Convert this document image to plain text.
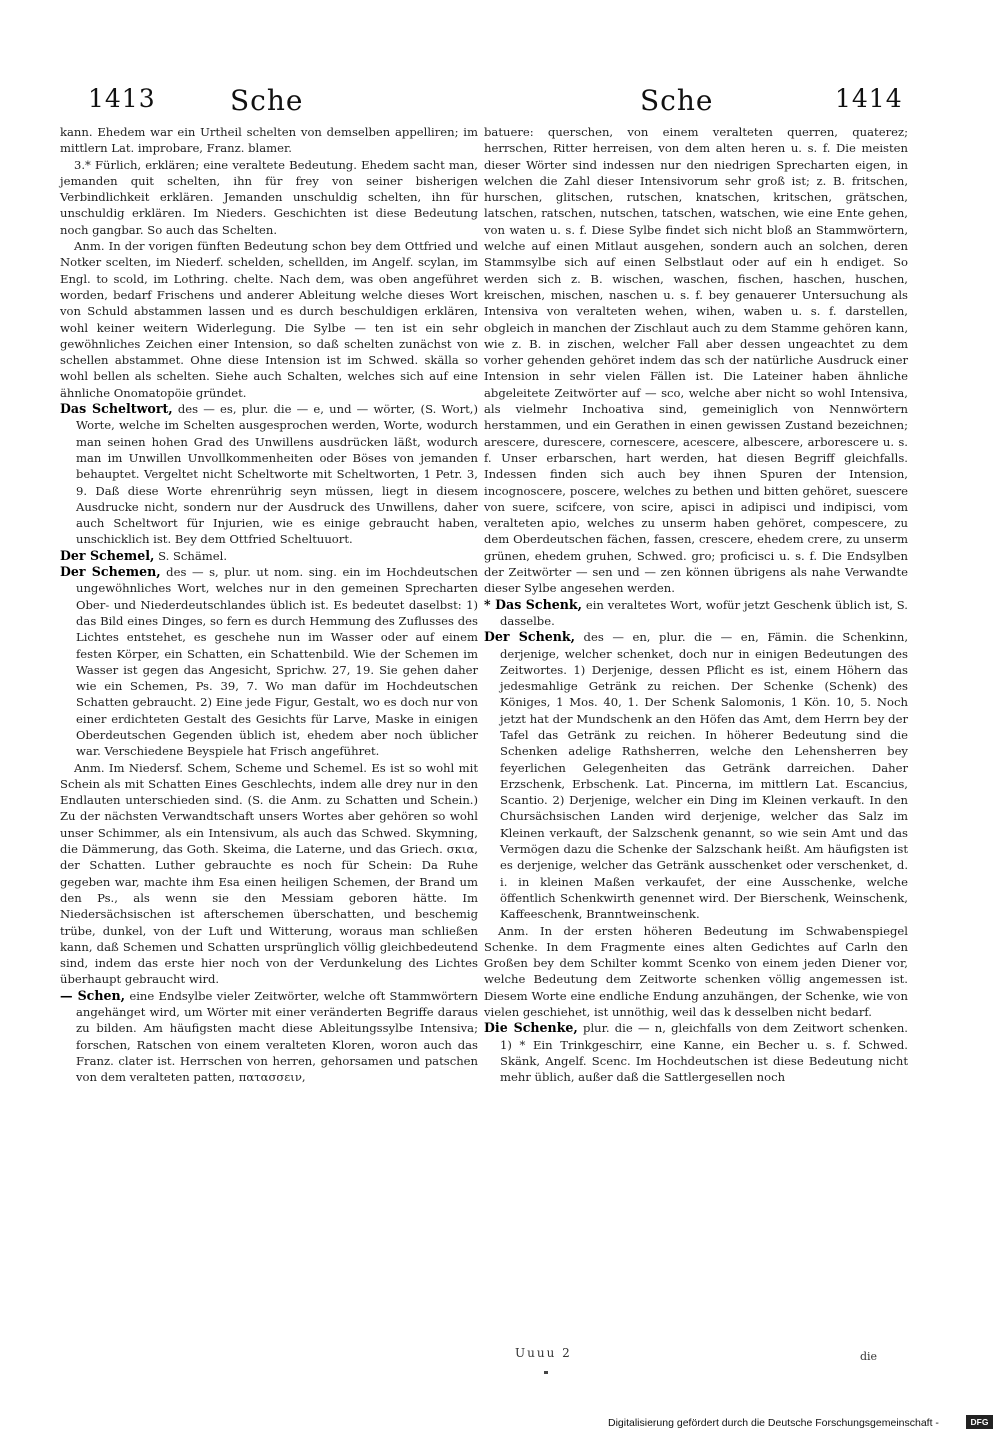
1413	Sche	Sche	1414

kann. Ehedem war ein Urtheil schelten von demselben appelliren; im mittlern Lat. improbare, Franz. blamer.

3.* Fürlich, erklären; eine veraltete Bedeutung. Ehedem sacht man, jemanden quit schelten, ihn für frey von seiner bisherigen Verbindlichkeit erklären. Jemanden unschuldig schelten, ihn für unschuldig erklären. Im Nieders. Geschichten ist diese Bedeutung noch gangbar. So auch das Schelten.

Anm. In der vorigen fünften Bedeutung schon bey dem Ottfried und Notker scelten, im Niederf. schelden, schellden, im Angelf. scylan, im Engl. to scold, im Lothring. chelte. Nach dem, was oben angeführet worden, bedarf Frischens und anderer Ableitung welche dieses Wort von Schuld abstammen lassen und es durch beschuldigen erklären, wohl keiner weitern Widerlegung. Die Sylbe — ten ist ein sehr gewöhnliches Zeichen einer Intension, so daß schelten zunächst von schellen abstammet. Ohne diese Intension ist im Schwed. skälla so wohl bellen als schelten. Siehe auch Schalten, welches sich auf eine ähnliche Onomatopöie gründet.

Das Scheltwort, des — es, plur. die — e, und — wörter, (S. Wort,) Worte, welche im Schelten ausgesprochen werden, Worte, wodurch man seinen hohen Grad des Unwillens ausdrücken läßt, wodurch man im Unwillen Unvollkommenheiten oder Böses von jemanden behauptet. Vergeltet nicht Scheltworte mit Scheltworten, 1 Petr. 3, 9. Daß diese Worte ehrenrührig seyn müssen, liegt in diesem Ausdrucke nicht, sondern nur der Ausdruck des Unwillens, daher auch Scheltwort für Injurien, wie es einige gebraucht haben, unschicklich ist. Bey dem Ottfried Scheltuuort.

Der Schemel, S. Schämel.

Der Schemen, des — s, plur. ut nom. sing. ein im Hochdeutschen ungewöhnliches Wort, welches nur in den gemeinen Sprecharten Ober- und Niederdeutschlandes üblich ist. Es bedeutet daselbst: 1) das Bild eines Dinges, so fern es durch Hemmung des Zuflusses des Lichtes entstehet, es geschehe nun im Wasser oder auf einem festen Körper, ein Schatten, ein Schattenbild. Wie der Schemen im Wasser ist gegen das Angesicht, Sprichw. 27, 19. Sie gehen daher wie ein Schemen, Ps. 39, 7. Wo man dafür im Hochdeutschen Schatten gebraucht. 2) Eine jede Figur, Gestalt, wo es doch nur von einer erdichteten Gestalt des Gesichts für Larve, Maske in einigen Oberdeutschen Gegenden üblich ist, ehedem aber noch üblicher war. Verschiedene Beyspiele hat Frisch angeführet.

Anm. Im Niedersf. Schem, Scheme und Schemel. Es ist so wohl mit Schein als mit Schatten Eines Geschlechts, indem alle drey nur in den Endlauten unterschieden sind. (S. die Anm. zu Schatten und Schein.) Zu der nächsten Verwandtschaft unsers Wortes aber gehören so wohl unser Schimmer, als ein Intensivum, als auch das Schwed. Skymning, die Dämmerung, das Goth. Skeima, die Laterne, und das Griech. σκια, der Schatten. Luther gebrauchte es noch für Schein: Da Ruhe gegeben war, machte ihm Esa einen heiligen Schemen, der Brand um den Ps., als wenn sie den Messiam geboren hätte. Im Niedersächsischen ist afterschemen überschatten, und beschemig trübe, dunkel, von der Luft und Witterung, woraus man schließen kann, daß Schemen und Schatten ursprünglich völlig gleichbedeutend sind, indem das erste hier noch von der Verdunkelung des Lichtes überhaupt gebraucht wird.

— Schen, eine Endsylbe vieler Zeitwörter, welche oft Stammwörtern angehänget wird, um Wörter mit einer veränderten Begriffe daraus zu bilden. Am häufigsten macht diese Ableitungssylbe Intensiva; forschen, Ratschen von einem veralteten Kloren, woron auch das Franz. clater ist. Herrschen von herren, gehorsamen und patschen von dem veralteten patten, πατασσειν,

batuere: querschen, von einem veralteten querren, quaterez; herrschen, Ritter herreisen, von dem alten heren u. s. f. Die meisten dieser Wörter sind indessen nur den niedrigen Sprecharten eigen, in welchen die Zahl dieser Intensivorum sehr groß ist; z. B. fritschen, hurschen, glitschen, rutschen, knatschen, kritschen, grätschen, latschen, ratschen, nutschen, tatschen, watschen, wie eine Ente gehen, von waten u. s. f. Diese Sylbe findet sich nicht bloß an Stammwörtern, welche auf einen Mitlaut ausgehen, sondern auch an solchen, deren Stammsylbe sich auf einen Selbstlaut oder auf ein h endiget. So werden sich z. B. wischen, waschen, fischen, haschen, huschen, kreischen, mischen, naschen u. s. f. bey genauerer Untersuchung als Intensiva von veralteten wehen, wihen, waben u. s. f. darstellen, obgleich in manchen der Zischlaut auch zu dem Stamme gehören kann, wie z. B. in zischen, welcher Fall aber dessen ungeachtet zu dem vorher gehenden gehöret indem das sch der natürliche Ausdruck einer Intension in sehr vielen Fällen ist. Die Lateiner haben ähnliche abgeleitete Zeitwörter auf — sco, welche aber nicht so wohl Intensiva, als vielmehr Inchoativa sind, gemeiniglich von Nennwörtern herstammen, und ein Gerathen in einen gewissen Zustand bezeichnen; arescere, durescere, cornescere, acescere, albescere, arborescere u. s. f. Unser erbarschen, hart werden, hat diesen Begriff gleichfalls. Indessen finden sich auch bey ihnen Spuren der Intension, incognoscere, poscere, welches zu bethen und bitten gehöret, suescere von suere, scifcere, von scire, apisci in adipisci und indipisci, vom veralteten apio, welches zu unserm haben gehöret, compescere, zu dem Oberdeutschen fächen, fassen, crescere, ehedem crere, zu unserm grünen, ehedem gruhen, Schwed. gro; proficisci u. s. f. Die Endsylben der Zeitwörter — sen und — zen können übrigens als nahe Verwandte dieser Sylbe angesehen werden.

* Das Schenk, ein veraltetes Wort, wofür jetzt Geschenk üblich ist, S. dasselbe.

Der Schenk, des — en, plur. die — en, Fämin. die Schenkinn, derjenige, welcher schenket, doch nur in einigen Bedeutungen des Zeitwortes. 1) Derjenige, dessen Pflicht es ist, einem Höhern das jedesmahlige Getränk zu reichen. Der Schenke (Schenk) des Königes, 1 Mos. 40, 1. Der Schenk Salomonis, 1 Kön. 10, 5. Noch jetzt hat der Mundschenk an den Höfen das Amt, dem Herrn bey der Tafel das Getränk zu reichen. In höherer Bedeutung sind die Schenken adelige Rathsherren, welche den Lehensherren bey feyerlichen Gelegenheiten das Getränk darreichen. Daher Erzschenk, Erbschenk. Lat. Pincerna, im mittlern Lat. Escancius, Scantio. 2) Derjenige, welcher ein Ding im Kleinen verkauft. In den Chursächsischen Landen wird derjenige, welcher das Salz im Kleinen verkauft, der Salzschenk genannt, so wie sein Amt und das Vermögen dazu die Schenke der Salzschank heißt. Am häufigsten ist es derjenige, welcher das Getränk ausschenket oder verschenket, d. i. in kleinen Maßen verkaufet, der eine Ausschenke, welche öffentlich Schenkwirth genennet wird. Der Bierschenk, Weinschenk, Kaffeeschenk, Branntweinschenk.

Anm. In der ersten höheren Bedeutung im Schwabenspiegel Schenke. In dem Fragmente eines alten Gedichtes auf Carln den Großen bey dem Schilter kommt Scenko von einem jeden Diener vor, welche Bedeutung dem Zeitworte schenken völlig angemessen ist. Diesem Worte eine endliche Endung anzuhängen, der Schenke, wie von vielen geschiehet, ist unnöthig, weil das k desselben nicht bedarf.

Die Schenke, plur. die — n, gleichfalls von dem Zeitwort schenken. 1) * Ein Trinkgeschirr, eine Kanne, ein Becher u. s. f. Schwed. Skänk, Angelf. Scenc. Im Hochdeutschen ist diese Bedeutung nicht mehr üblich, außer daß die Sattlergesellen noch

Uuuu 2	die
Digitalisierung gefördert durch die Deutsche Forschungsgemeinschaft -	DFG
